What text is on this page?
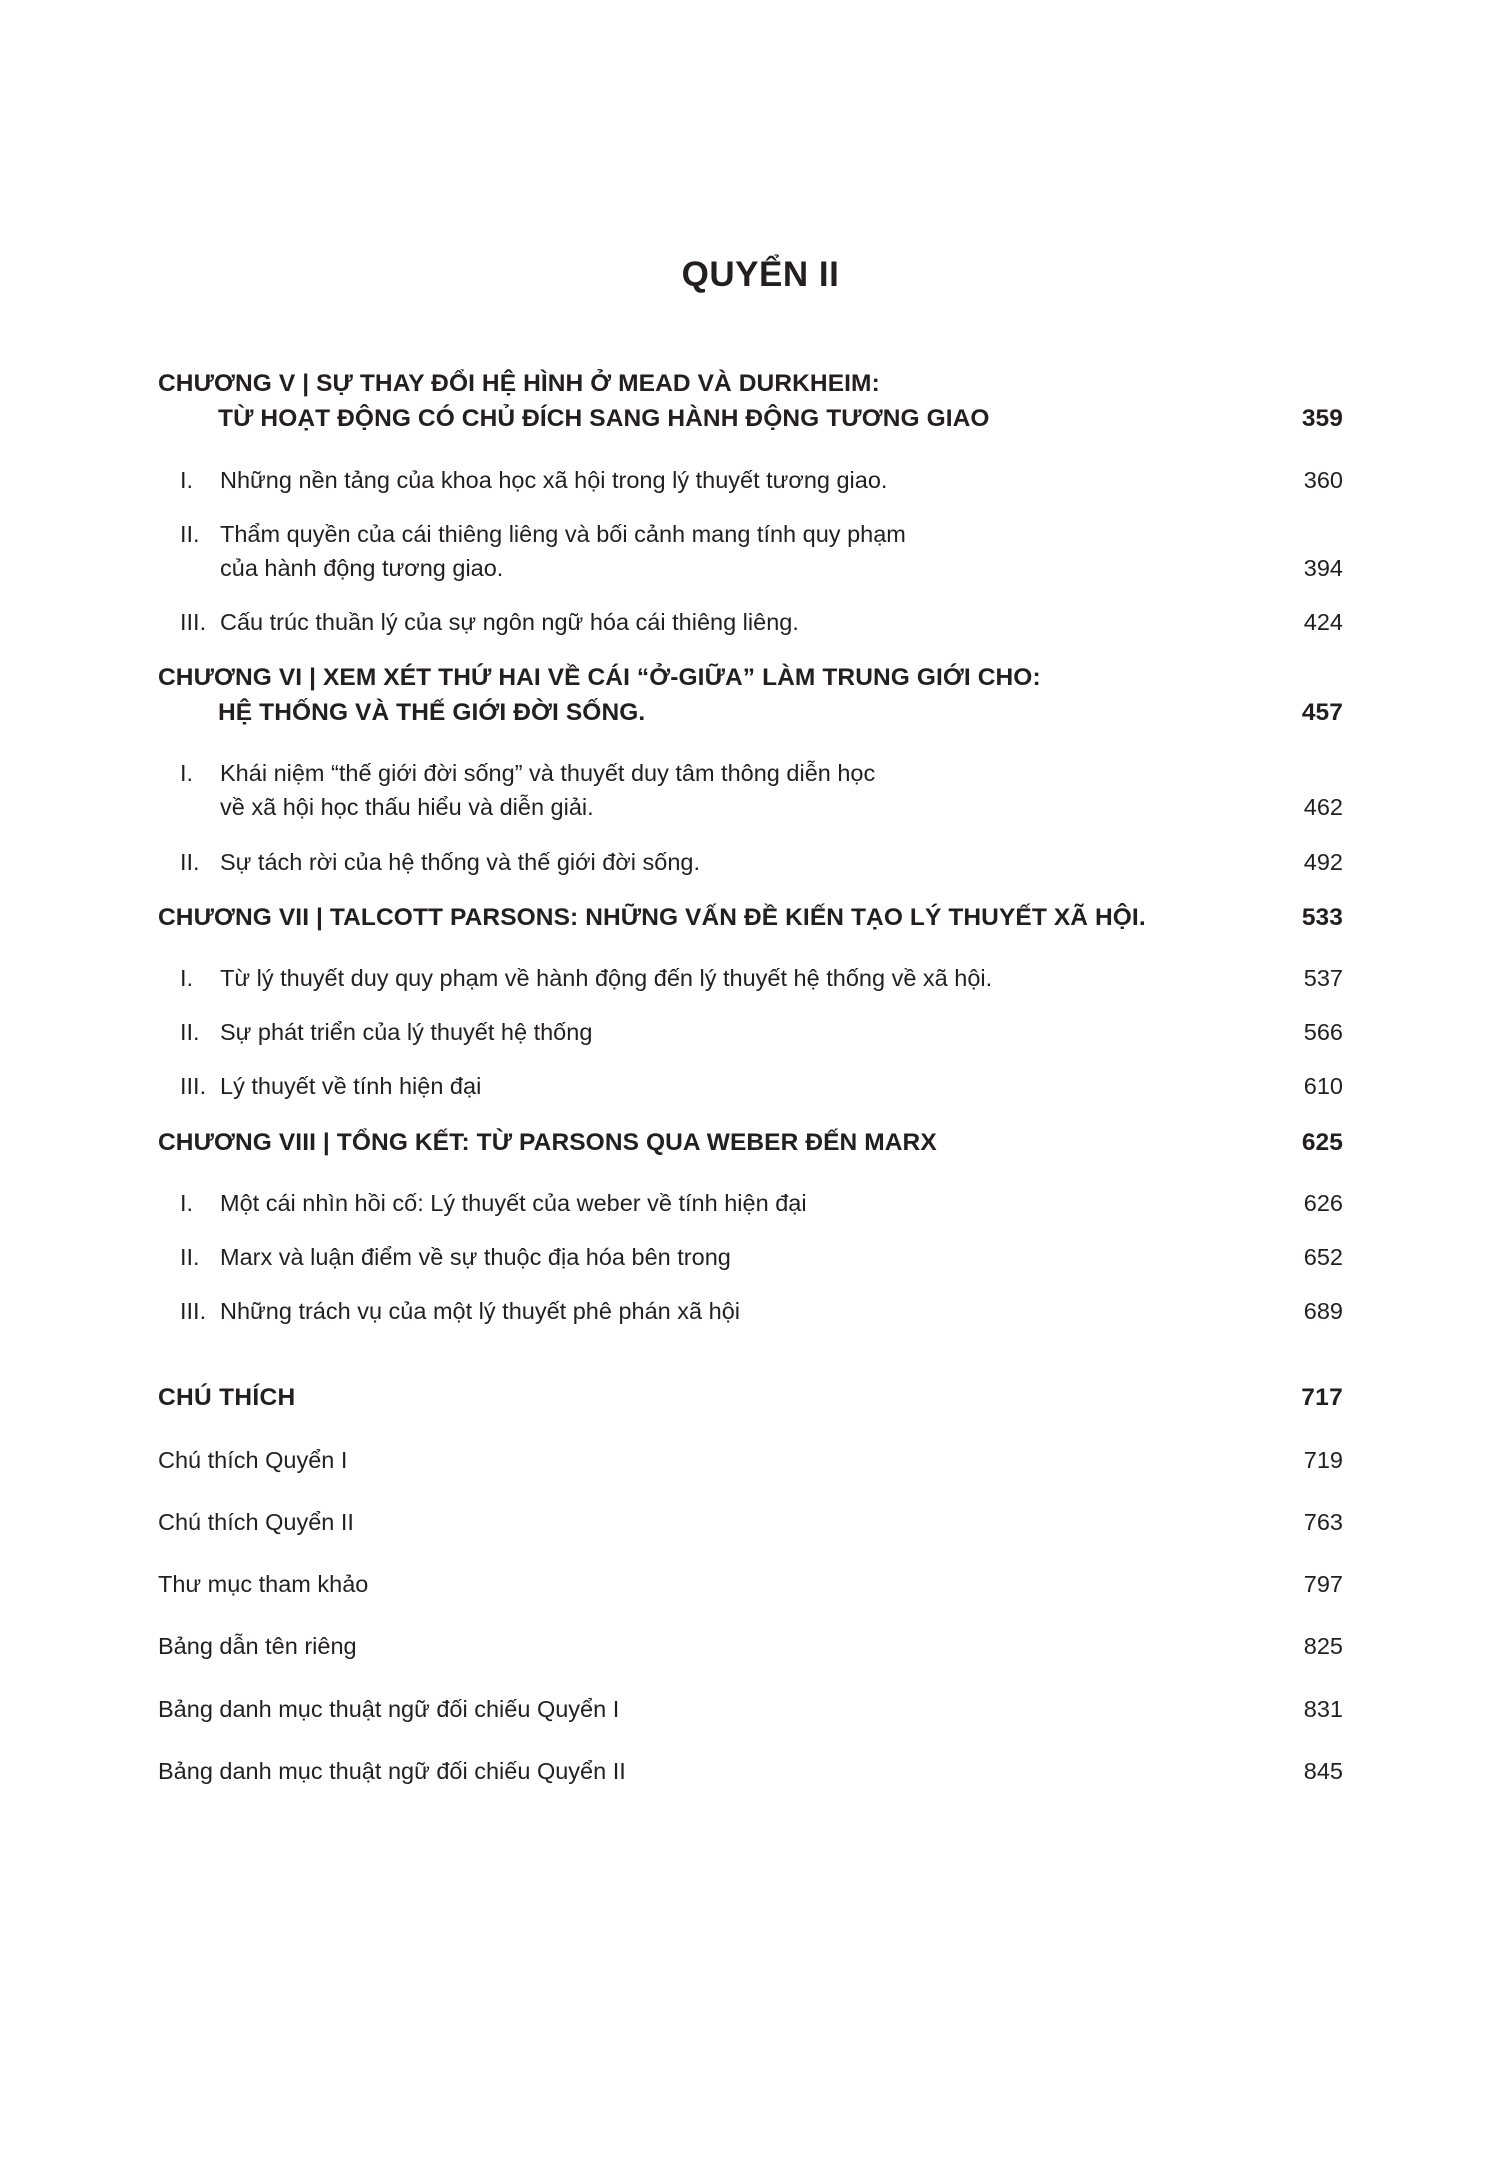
QUYỂN II
CHƯƠNG V | SỰ THAY ĐỔI HỆ HÌNH Ở MEAD VÀ DURKHEIM:
TỪ HOẠT ĐỘNG CÓ CHỦ ĐÍCH SANG HÀNH ĐỘNG TƯƠNG GIAO	359
I.	Những nền tảng của khoa học xã hội trong lý thuyết tương giao.	360
II. Thẩm quyền của cái thiêng liêng và bối cảnh mang tính quy phạm
của hành động tương giao.	394
III. Cấu trúc thuần lý của sự ngôn ngữ hóa cái thiêng liêng.	424
CHƯƠNG VI | XEM XÉT THỨ HAI VỀ CÁI “Ở-GIỮA” LÀM TRUNG GIỚI CHO:
HỆ THỐNG VÀ THẾ GIỚI ĐỜI SỐNG.	457
I.	Khái niệm “thế giới đời sống” và thuyết duy tâm thông diễn học
về xã hội học thấu hiểu và diễn giải.	462
II. Sự tách rời của hệ thống và thế giới đời sống.	492
CHƯƠNG VII | TALCOTT PARSONS: NHỮNG VẤN ĐỀ KIẾN TẠO LÝ THUYẾT XÃ HỘI.	533
I.	Từ lý thuyết duy quy phạm về hành động đến lý thuyết hệ thống về xã hội.	537
II. Sự phát triển của lý thuyết hệ thống	566
III. Lý thuyết về tính hiện đại	610
CHƯƠNG VIII | TỔNG KẾT: TỪ PARSONS QUA WEBER ĐẾN MARX	625
I.	Một cái nhìn hồi cố: Lý thuyết của weber về tính hiện đại	626
II. Marx và luận điểm về sự thuộc địa hóa bên trong	652
III. Những trách vụ của một lý thuyết phê phán xã hội	689
CHÚ THÍCH	717
Chú thích Quyển I	719
Chú thích Quyển II	763
Thư mục tham khảo	797
Bảng dẫn tên riêng	825
Bảng danh mục thuật ngữ đối chiếu Quyển I	831
Bảng danh mục thuật ngữ đối chiếu Quyển II	845
